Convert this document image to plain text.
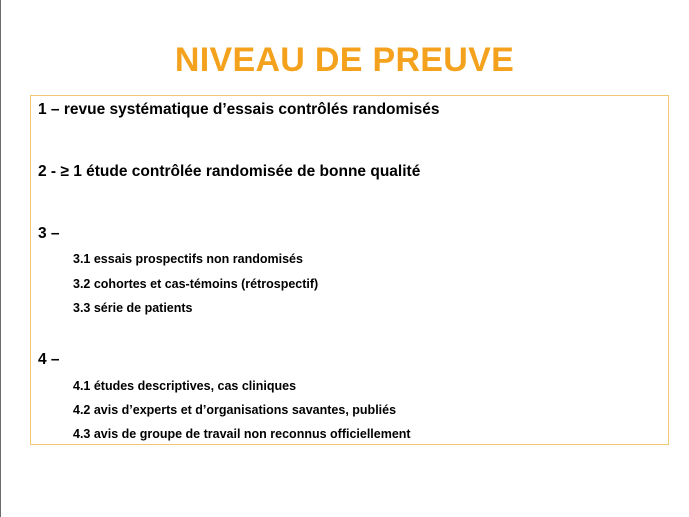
NIVEAU DE PREUVE
1 – revue systématique d’essais contrôlés randomisés
2 - ≥ 1 étude contrôlée randomisée de bonne qualité
3 –
3.1 essais prospectifs non randomisés
3.2 cohortes et cas-témoins (rétrospectif)
3.3 série de patients
4 –
4.1 études descriptives, cas cliniques
4.2 avis d’experts et d’organisations savantes, publiés
4.3 avis de groupe de travail non reconnus officiellement
